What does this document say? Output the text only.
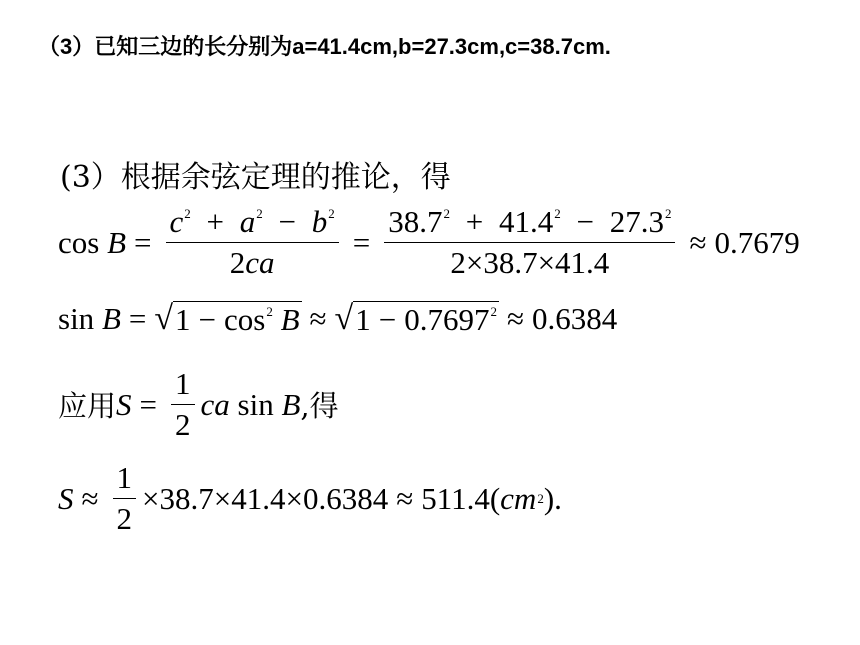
（3）已知三边的长分别为a=41.4cm,b=27.3cm,c=38.7cm.
(3）根据余弦定理的推论，得
cos
$B = \frac{c^2 + a^2 - b^2}{2ca} = \frac{38.7^2 + 41.4^2 - 27.3^2}{2\times 38.7\times 41.4} \approx 0.7679$
sin
B = √ $1 - \cos^2 B$ ≈ √ $1 - 0.7697^2 \approx 0.6384$
应用 $S = \frac{1}{2}$ ca
sin
B ,得
$S \approx \frac{1}{2} \times 38.7\times 41.4\times 0.6384 \approx 511.4$ ( cm 2 ).
